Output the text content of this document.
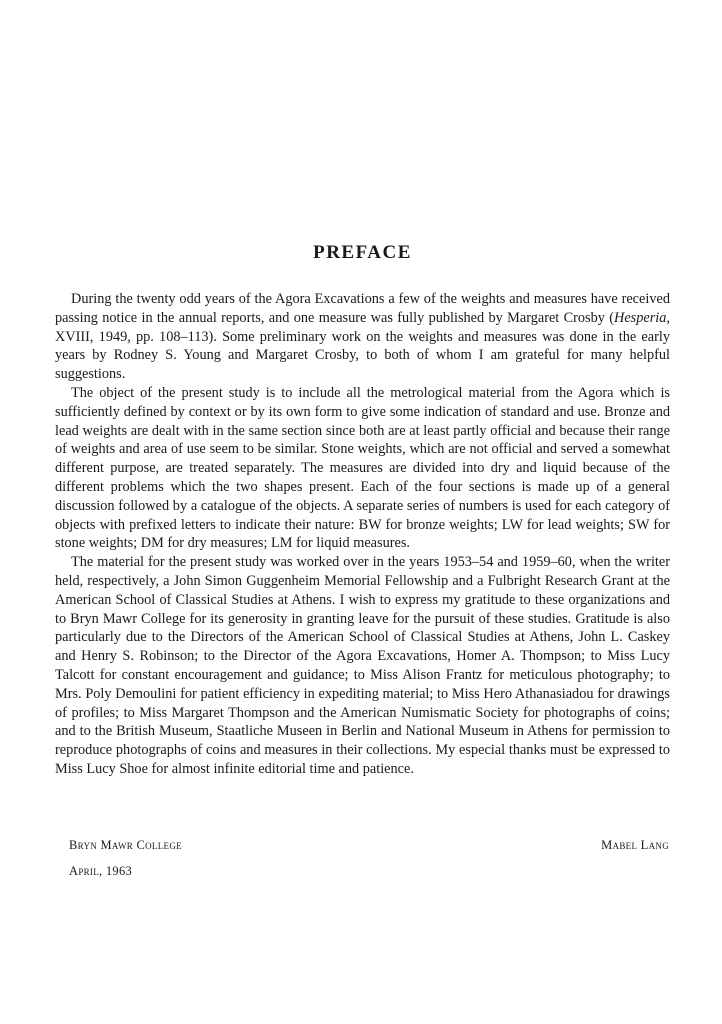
PREFACE

During the twenty odd years of the Agora Excavations a few of the weights and measures have received passing notice in the annual reports, and one measure was fully published by Margaret Crosby (Hesperia, XVIII, 1949, pp. 108–113). Some preliminary work on the weights and measures was done in the early years by Rodney S. Young and Margaret Crosby, to both of whom I am grateful for many helpful suggestions.

The object of the present study is to include all the metrological material from the Agora which is sufficiently defined by context or by its own form to give some indication of standard and use. Bronze and lead weights are dealt with in the same section since both are at least partly official and because their range of weights and area of use seem to be similar. Stone weights, which are not official and served a somewhat different purpose, are treated separately. The measures are divided into dry and liquid because of the different problems which the two shapes present. Each of the four sections is made up of a general discussion followed by a catalogue of the objects. A separate series of numbers is used for each category of objects with prefixed letters to indicate their nature: BW for bronze weights; LW for lead weights; SW for stone weights; DM for dry measures; LM for liquid measures.

The material for the present study was worked over in the years 1953–54 and 1959–60, when the writer held, respectively, a John Simon Guggenheim Memorial Fellowship and a Fulbright Research Grant at the American School of Classical Studies at Athens. I wish to express my gratitude to these organizations and to Bryn Mawr College for its generosity in granting leave for the pursuit of these studies. Gratitude is also particularly due to the Directors of the American School of Classical Studies at Athens, John L. Caskey and Henry S. Robinson; to the Director of the Agora Excavations, Homer A. Thompson; to Miss Lucy Talcott for constant encouragement and guidance; to Miss Alison Frantz for meticulous photography; to Mrs. Poly Demoulini for patient efficiency in expediting material; to Miss Hero Athanasiadou for drawings of profiles; to Miss Margaret Thompson and the American Numismatic Society for photographs of coins; and to the British Museum, Staatliche Museen in Berlin and National Museum in Athens for permission to reproduce photographs of coins and measures in their collections. My especial thanks must be expressed to Miss Lucy Shoe for almost infinite editorial time and patience.

Bryn Mawr College	Mabel Lang
April, 1963
